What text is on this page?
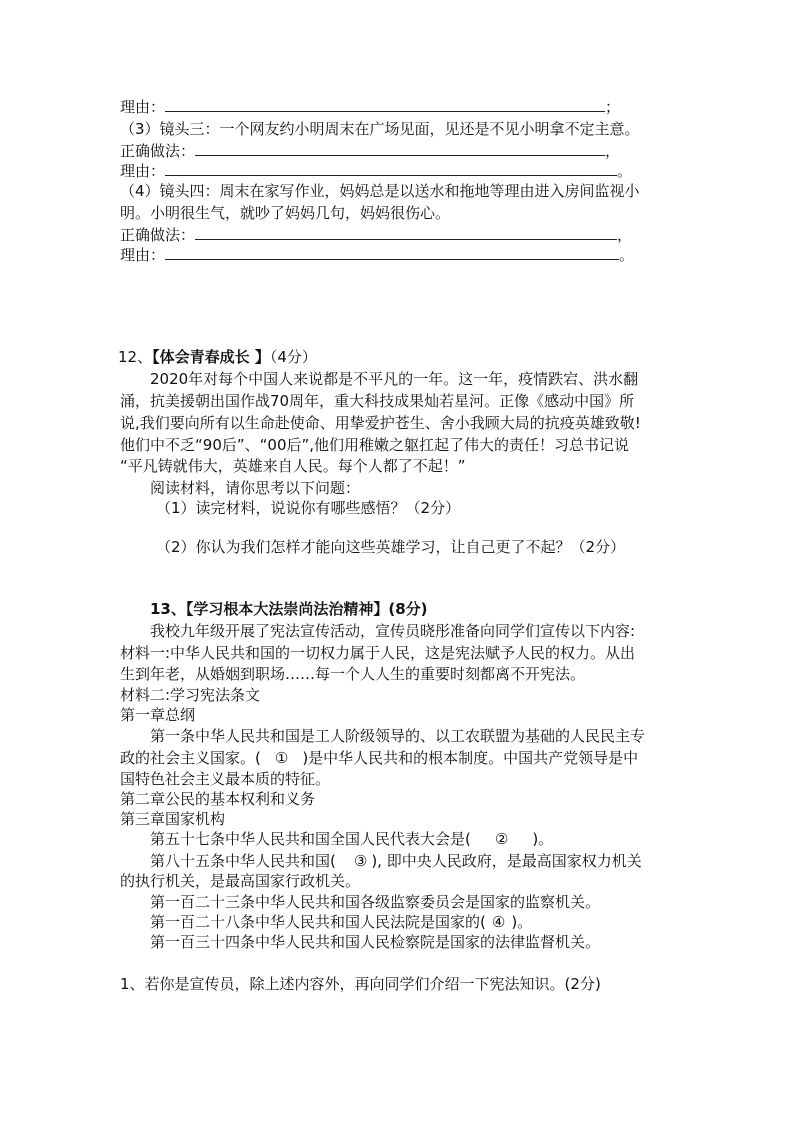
理由：	；
（3）镜头三：一个网友约小明周末在广场见面，见还是不见小明拿不定主意。
正确做法：	，
理由：	。
（4）镜头四：周末在家写作业，妈妈总是以送水和拖地等理由进入房间监视小
明。小明很生气，就吵了妈妈几句，妈妈很伤心。
正确做法：	，
理由：	。
12、【体会青春成长 】（4分）
2020年对每个中国人来说都是不平凡的一年。这一年，疫情跌宕、洪水翻
涌，抗美援朝出国作战70周年，重大科技成果灿若星河。正像《感动中国》所
说,我们要向所有以生命赴使命、用挚爱护苍生、舍小我顾大局的抗疫英雄致敬!
他们中不乏“90后”、“00后”,他们用稚嫩之躯扛起了伟大的责任！习总书记说
“平凡铸就伟大，英雄来自人民。每个人都了不起！”
阅读材料，请你思考以下问题：
（1）读完材料，说说你有哪些感悟？（2分）
（2）你认为我们怎样才能向这些英雄学习，让自己更了不起？（2分）
13、【学习根本大法崇尚法治精神】(8分)
我校九年级开展了宪法宣传活动，宣传员晓彤准备向同学们宣传以下内容:
材料一:中华人民共和国的一切权力属于人民，这是宪法赋予人民的权力。从出
生到年老，从婚姻到职场……每一个人人生的重要时刻都离不开宪法。
材料二:学习宪法条文
第一章总纲
第一条中华人民共和国是工人阶级领导的、以工农联盟为基础的人民民主专
政的社会主义国家。( ① )是中华人民共和的根本制度。中国共产党领导是中
国特色社会主义最本质的特征。
第二章公民的基本权利和义务
第三章国家机构
第五十七条中华人民共和国全国人民代表大会是( ② )。
第八十五条中华人民共和国( ③ ), 即中央人民政府，是最高国家权力机关
的执行机关，是最高国家行政机关。
第一百二十三条中华人民共和国各级监察委员会是国家的监察机关。
第一百二十八条中华人民共和国人民法院是国家的( ④ )。
第一百三十四条中华人民共和国人民检察院是国家的法律监督机关。
1、若你是宣传员，除上述内容外，再向同学们介绍一下宪法知识。(2分)
